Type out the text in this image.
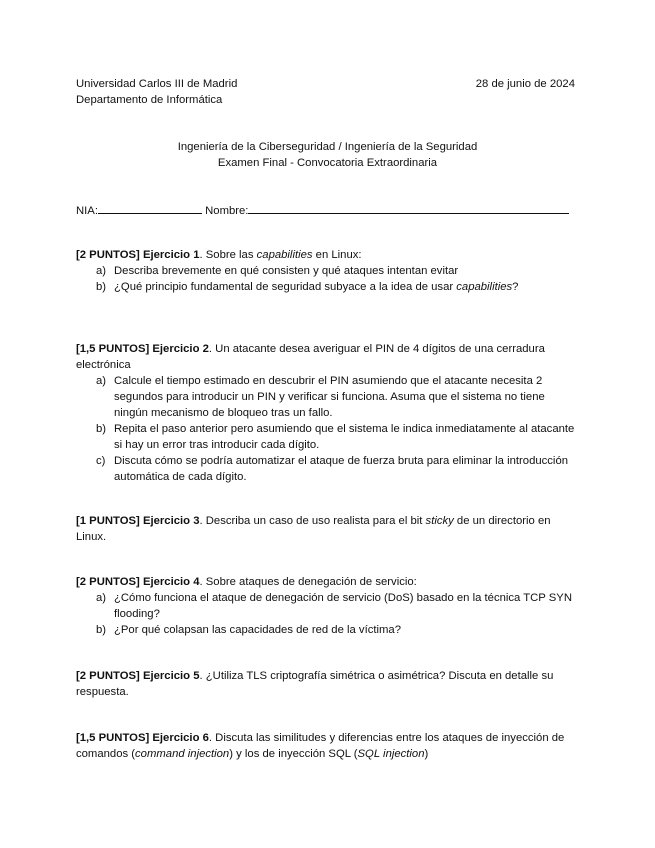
Universidad Carlos III de Madrid
Departamento de Informática
28 de junio de 2024
Ingeniería de la Ciberseguridad / Ingeniería de la Seguridad
Examen Final - Convocatoria Extraordinaria
NIA:	Nombre:
[2 PUNTOS] Ejercicio 1. Sobre las capabilities en Linux:
a) Describa brevemente en qué consisten y qué ataques intentan evitar
b) ¿Qué principio fundamental de seguridad subyace a la idea de usar capabilities?
[1,5 PUNTOS] Ejercicio 2. Un atacante desea averiguar el PIN de 4 dígitos de una cerradura electrónica
a) Calcule el tiempo estimado en descubrir el PIN asumiendo que el atacante necesita 2 segundos para introducir un PIN y verificar si funciona. Asuma que el sistema no tiene ningún mecanismo de bloqueo tras un fallo.
b) Repita el paso anterior pero asumiendo que el sistema le indica inmediatamente al atacante si hay un error tras introducir cada dígito.
c) Discuta cómo se podría automatizar el ataque de fuerza bruta para eliminar la introducción automática de cada dígito.
[1 PUNTOS] Ejercicio 3. Describa un caso de uso realista para el bit sticky de un directorio en Linux.
[2 PUNTOS] Ejercicio 4. Sobre ataques de denegación de servicio:
a) ¿Cómo funciona el ataque de denegación de servicio (DoS) basado en la técnica TCP SYN flooding?
b) ¿Por qué colapsan las capacidades de red de la víctima?
[2 PUNTOS] Ejercicio 5. ¿Utiliza TLS criptografía simétrica o asimétrica? Discuta en detalle su respuesta.
[1,5 PUNTOS] Ejercicio 6. Discuta las similitudes y diferencias entre los ataques de inyección de comandos (command injection) y los de inyección SQL (SQL injection)
